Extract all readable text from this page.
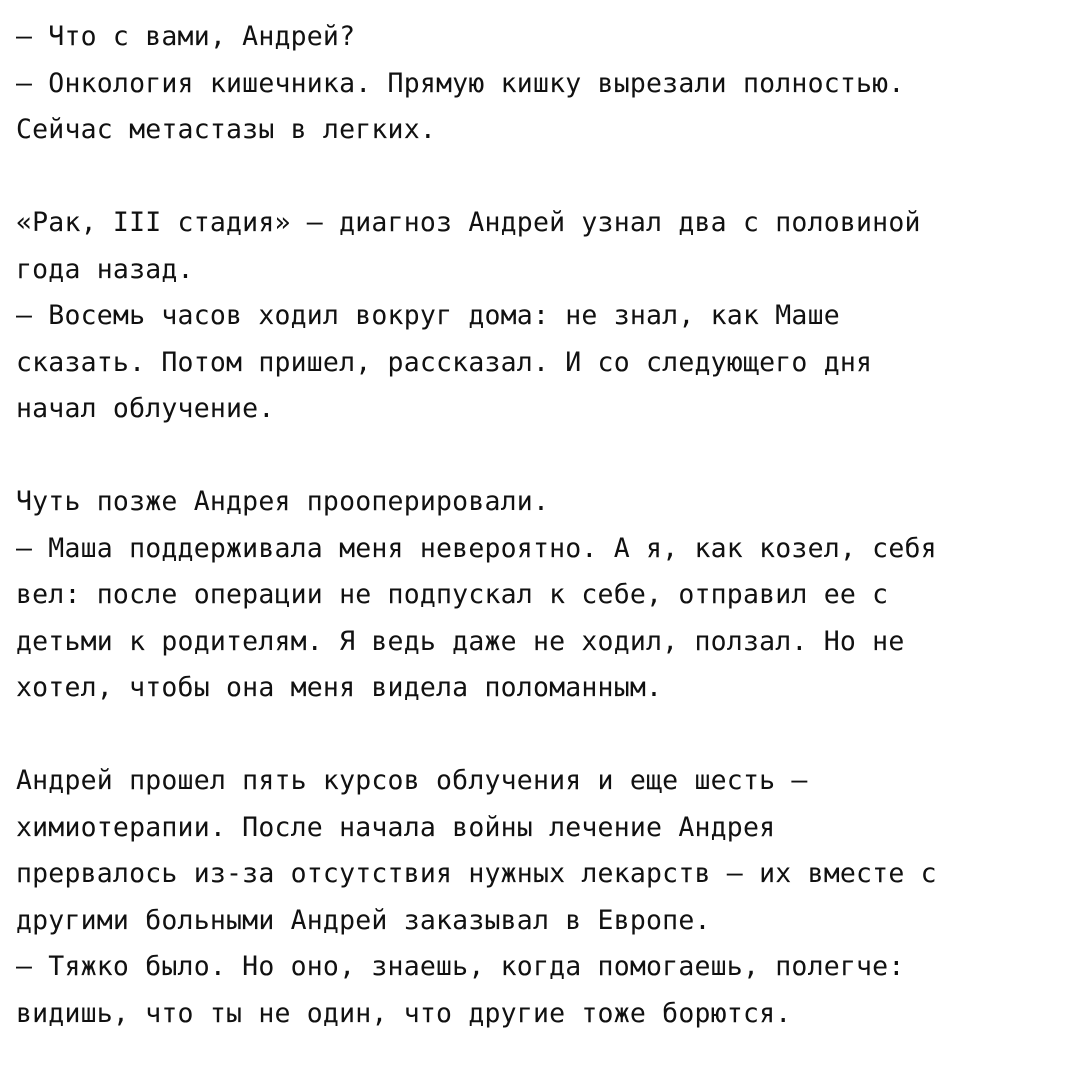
– Что с вами, Андрей?
– Онкология кишечника. Прямую кишку вырезали полностью.
Сейчас метастазы в легких.

«Рак, III стадия» – диагноз Андрей узнал два с половиной
года назад.
– Восемь часов ходил вокруг дома: не знал, как Маше
сказать. Потом пришел, рассказал. И со следующего дня
начал облучение.

Чуть позже Андрея прооперировали.
– Маша поддерживала меня невероятно. А я, как козел, себя
вел: после операции не подпускал к себе, отправил ее с
детьми к родителям. Я ведь даже не ходил, ползал. Но не
хотел, чтобы она меня видела поломанным.

Андрей прошел пять курсов облучения и еще шесть –
химиотерапии. После начала войны лечение Андрея
прервалось из-за отсутствия нужных лекарств – их вместе с
другими больными Андрей заказывал в Европе.
– Тяжко было. Но оно, знаешь, когда помогаешь, полегче:
видишь, что ты не один, что другие тоже борются.
